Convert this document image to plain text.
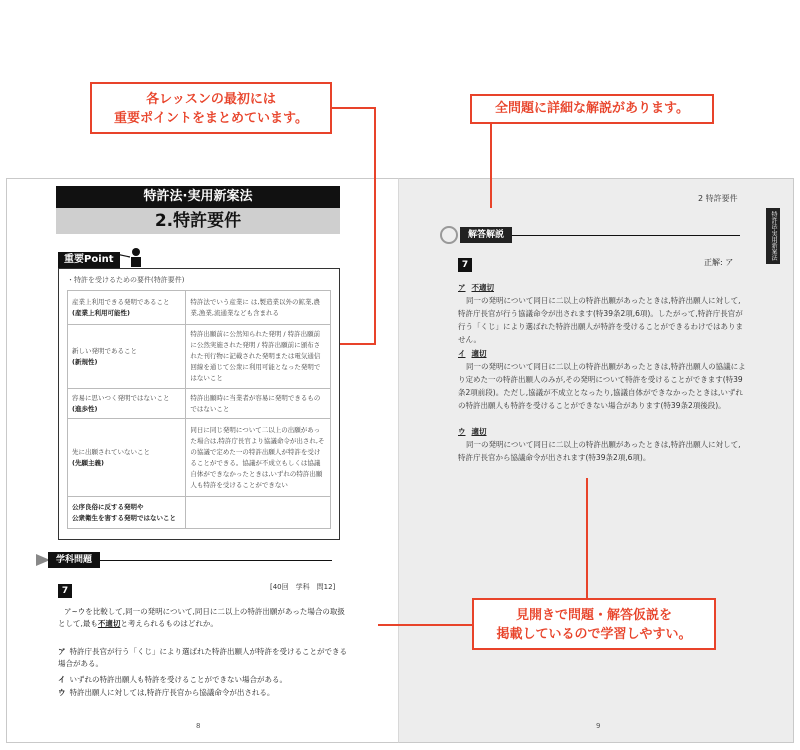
各レッスンの最初には
重要ポイントをまとめています。
全問題に詳細な解説があります。
見開きで問題・解答仮説を
掲載しているので学習しやすい。
特許法·実用新案法
2.特許要件
重要Point
・特許を受けるための要件(特許要件)
産業上利用できる発明であること
(産業上利用可能性)	特許法でいう産業に は,製造業以外の鉱業,農業,漁業,流通業なども含まれる
新しい発明であること
(新規性)	特許出願前に公然知られた発明 / 特許出願前に公然実施された発明 / 特許出願前に頒布された刊行物に記載された発明または電気通信回線を通じて公衆に利用可能となった発明ではないこと
容易に思いつく発明ではないこと
(進歩性)	特許出願時に当業者が容易に発明できるものではないこと
先に出願されていないこと
(先願主義)	同日に同じ発明について二以上の出願があった場合は,特許庁長官より協議命令が出され,その協議で定めた一の特許出願人が特許を受けることができる。協議が不成立もしくは協議自体ができなかったときは,いずれの特許出願人も特許を受けることができない

公序良俗に反する発明や
公衆衛生を害する発明ではないこと	

学科問題
7	[40回　学科　問12]
ア~ウを比較して,同一の発明について,同日に二以上の特許出願があった場合の取扱として,最も不適切と考えられるものはどれか。
ア 特許庁長官が行う「くじ」により選ばれた特許出願人が特許を受けることができる場合がある。
イ いずれの特許出願人も特許を受けることができない場合がある。
ウ 特許出願人に対しては,特許庁長官から協議命令が出される。
8
2 特許要件
特許法·実用新案法
解答解説
7	正解: ア
ア 不適切
同一の発明について同日に二以上の特許出願があったときは,特許出願人に対して,特許庁長官が行う協議命令が出されます(特39条2項,6項)。したがって,特許庁長官が行う「くじ」により選ばれた特許出願人が特許を受けることができるわけではありません。
イ 適切
同一の発明について同日に二以上の特許出願があったときは,特許出願人の協議により定めた一の特許出願人のみが,その発明について特許を受けることができます(特39条2項前段)。ただし,協議が不成立となったり,協議自体ができなかったときは,いずれの特許出願人も特許を受けることができない場合があります(特39条2項後段)。
ウ 適切
同一の発明について同日に二以上の特許出願があったときは,特許出願人に対して,特許庁長官から協議命令が出されます(特39条2項,6項)。
9
